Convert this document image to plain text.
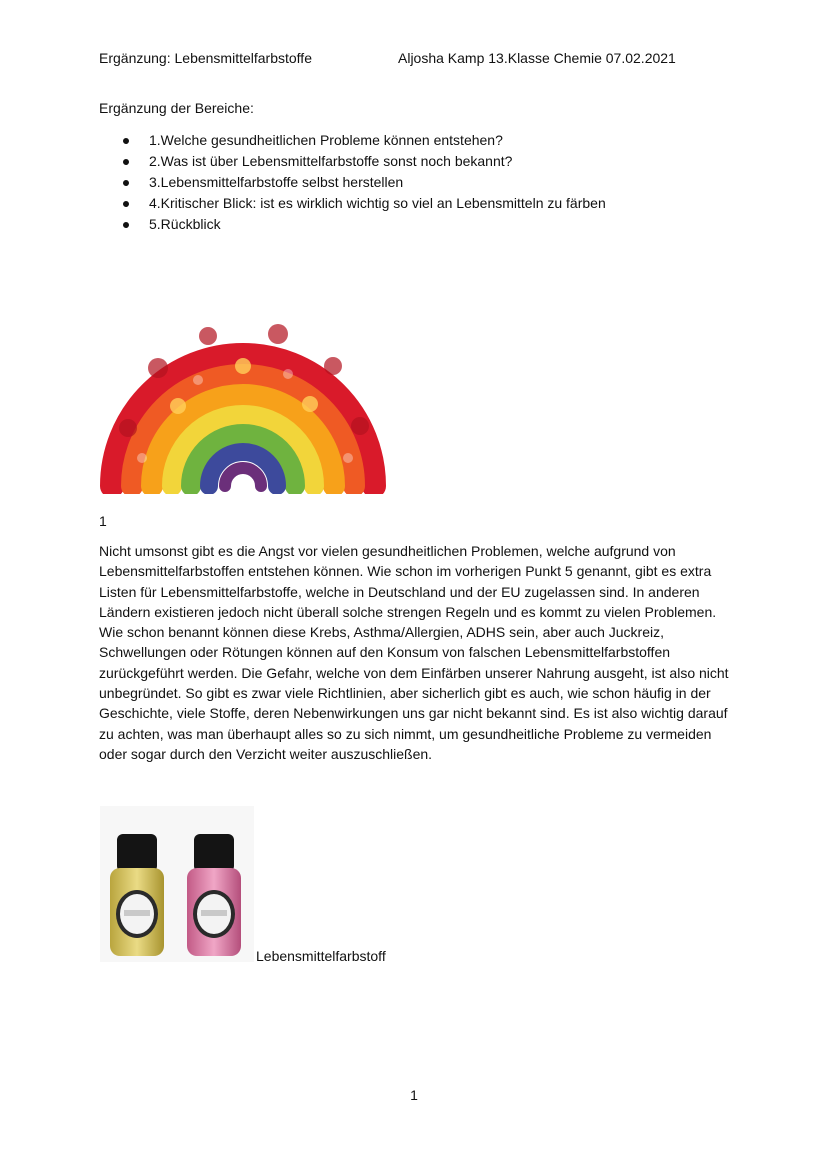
Ergänzung: Lebensmittelfarbstoffe	Aljosha Kamp 13.Klasse Chemie 07.02.2021
Ergänzung der Bereiche:
1.Welche gesundheitlichen Probleme können entstehen?
2.Was ist über Lebensmittelfarbstoffe sonst noch bekannt?
3.Lebensmittelfarbstoffe selbst herstellen
4.Kritischer Blick: ist es wirklich wichtig so viel an Lebensmitteln zu färben
5.Rückblick
1

Nicht umsonst gibt es die Angst vor vielen gesundheitlichen Problemen, welche aufgrund von Lebensmittelfarbstoffen entstehen können. Wie schon im vorherigen Punkt 5 genannt, gibt es extra Listen für Lebensmittelfarbstoffe, welche in Deutschland und der EU zugelassen sind. In anderen Ländern existieren jedoch nicht überall solche strengen Regeln und es kommt zu vielen Problemen. Wie schon benannt können diese Krebs, Asthma/Allergien, ADHS sein, aber auch Juckreiz, Schwellungen oder Rötungen können auf den Konsum von falschen Lebensmittelfarbstoffen zurückgeführt werden. Die Gefahr, welche von dem Einfärben unserer Nahrung ausgeht, ist also nicht unbegründet. So gibt es zwar viele Richtlinien, aber sicherlich gibt es auch, wie schon häufig in der Geschichte, viele Stoffe, deren Nebenwirkungen uns gar nicht bekannt sind. Es ist also wichtig darauf zu achten, was man überhaupt alles so zu sich nimmt, um gesundheitliche Probleme zu vermeiden oder sogar durch den Verzicht weiter auszuschließen.

Lebensmittelfarbstoff
1
